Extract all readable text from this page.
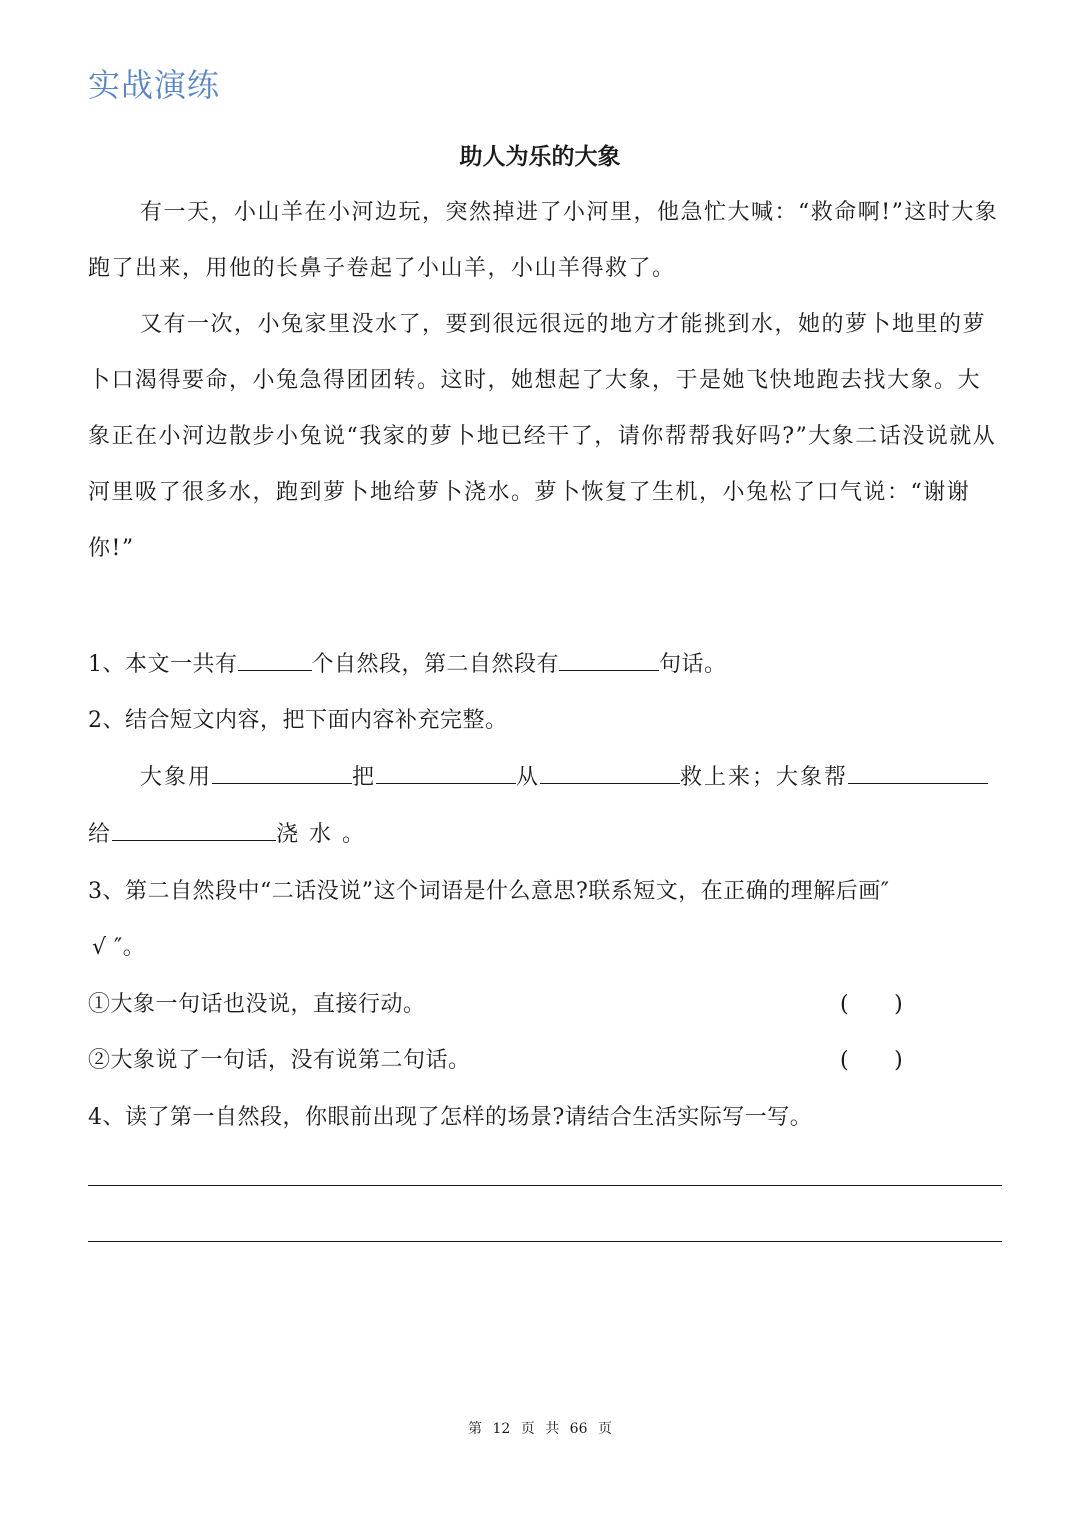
实战演练
助人为乐的大象
有一天，小山羊在小河边玩，突然掉进了小河里，他急忙大喊：“救命啊!”这时大象跑了出来，用他的长鼻子卷起了小山羊，小山羊得救了。
又有一次，小兔家里没水了，要到很远很远的地方才能挑到水，她的萝卜地里的萝卜口渴得要命，小兔急得团团转。这时，她想起了大象，于是她飞快地跑去找大象。大象正在小河边散步小兔说“我家的萝卜地已经干了，请你帮帮我好吗?”大象二话没说就从河里吸了很多水，跑到萝卜地给萝卜浇水。萝卜恢复了生机，小兔松了口气说：“谢谢你!”
1、本文一共有	个自然段，第二自然段有	句话。
2、结合短文内容，把下面内容补充完整。
大象用	把	从	救上来；大象帮
给	浇 水 。
3、第二自然段中“二话没说”这个词语是什么意思?联系短文，在正确的理解后画″
√ ″。
①大象一句话也没说，直接行动。	(　　)
②大象说了一句话，没有说第二句话。	(　　)
4、读了第一自然段，你眼前出现了怎样的场景?请结合生活实际写一写。
第 12 页 共 66 页
